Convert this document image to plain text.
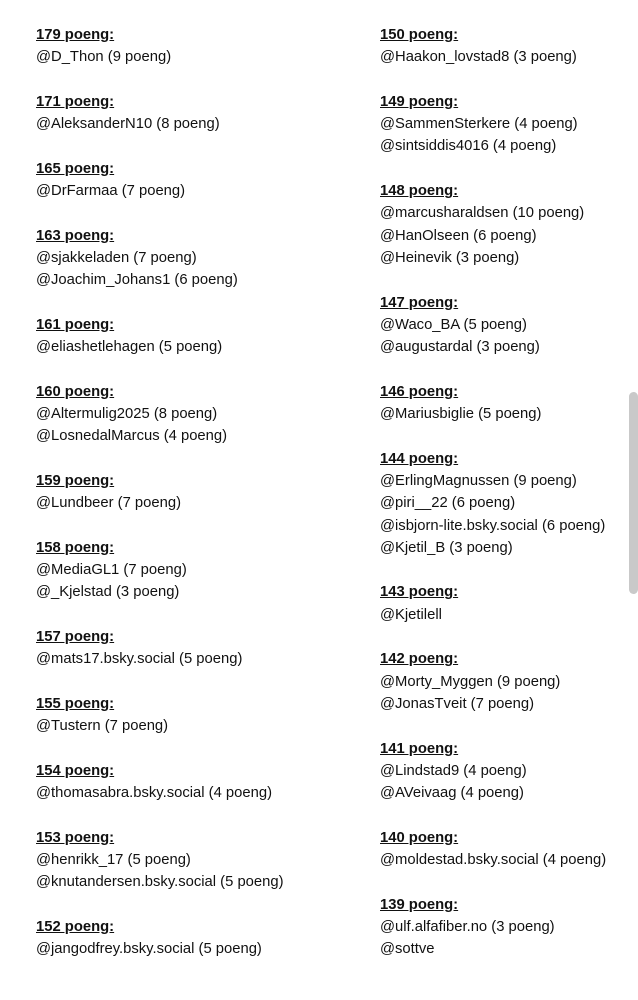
179 poeng:
@D_Thon (9 poeng)
171 poeng:
@AleksanderN10 (8 poeng)
165 poeng:
@DrFarmaa (7 poeng)
163 poeng:
@sjakkeladen (7 poeng)
@Joachim_Johans1 (6 poeng)
161 poeng:
@eliashetlehagen (5 poeng)
160 poeng:
@Altermulig2025 (8 poeng)
@LosnedalMarcus (4 poeng)
159 poeng:
@Lundbeer (7 poeng)
158 poeng:
@MediaGL1 (7 poeng)
@_Kjelstad (3 poeng)
157 poeng:
@mats17.bsky.social (5 poeng)
155 poeng:
@Tustern (7 poeng)
154 poeng:
@thomasabra.bsky.social (4 poeng)
153 poeng:
@henrikk_17 (5 poeng)
@knutandersen.bsky.social (5 poeng)
152 poeng:
@jangodfrey.bsky.social (5 poeng)
150 poeng:
@Haakon_lovstad8 (3 poeng)
149 poeng:
@SammenSterkere (4 poeng)
@sintsiddis4016 (4 poeng)
148 poeng:
@marcusharaldsen (10 poeng)
@HanOlseen (6 poeng)
@Heinevik (3 poeng)
147 poeng:
@Waco_BA (5 poeng)
@augustardal (3 poeng)
146 poeng:
@Mariusbiglie (5 poeng)
144 poeng:
@ErlingMagnussen (9 poeng)
@piri__22 (6 poeng)
@isbjorn-lite.bsky.social (6 poeng)
@Kjetil_B (3 poeng)
143 poeng:
@Kjetilell
142 poeng:
@Morty_Myggen (9 poeng)
@JonasTveit (7 poeng)
141 poeng:
@Lindstad9 (4 poeng)
@AVeivaag (4 poeng)
140 poeng:
@moldestad.bsky.social (4 poeng)
139 poeng:
@ulf.alfafiber.no (3 poeng)
@sottve
